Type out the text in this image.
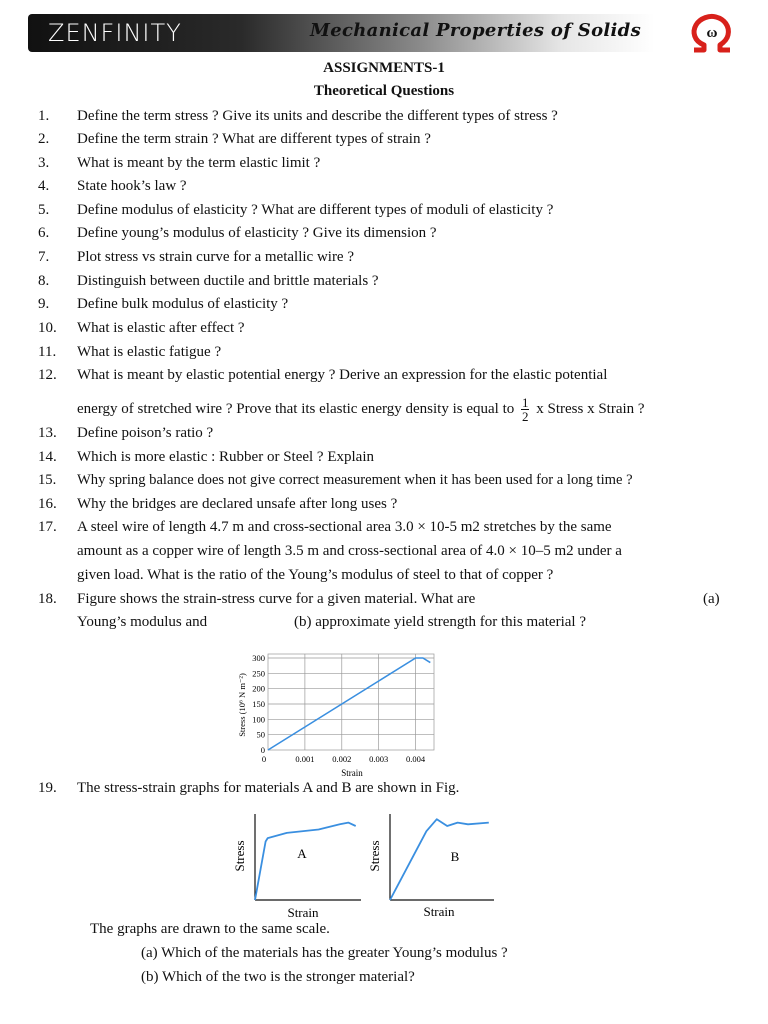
ZENFINITY	Mechanical Properties of Solids	ω
ASSIGNMENTS-1
Theoretical Questions
1. Define the term stress ? Give its units and describe the different types of stress ?
2. Define the term strain ? What are different types of strain ?
3. What is meant by the term elastic limit ?
4. State hook’s law ?
5. Define modulus of elasticity ? What are different types of moduli of elasticity ?
6. Define young’s modulus of elasticity ? Give its dimension ?
7. Plot stress vs strain curve for a metallic wire ?
8. Distinguish between ductile and brittle materials ?
9. Define bulk modulus of elasticity ?
10. What is elastic after effect ?
11. What is elastic fatigue ?
12. What is meant by elastic potential energy ? Derive an expression for the elastic potential
energy of stretched wire ? Prove that its elastic energy density is equal to $\frac{1}{2}$ x Stress x Strain ?
13. Define poison’s ratio ?
14. Which is more elastic : Rubber or Steel ? Explain
15. Why spring balance does not give correct measurement when it has been used for a long time ?
16. Why the bridges are declared unsafe after long uses ?
17. A steel wire of length 4.7 m and cross-sectional area 3.0 × 10-5 m2 stretches by the same
amount as a copper wire of length 3.5 m and cross-sectional area of 4.0 × 10–5 m2 under a
given load. What is the ratio of the Young’s modulus of steel to that of copper ?
18. Figure shows the strain-stress curve for a given material. What are	(a)
Young’s modulus and	(b) approximate yield strength for this material ?
0	0.001 0.002 0.003 0.004
0
50
100
150
200
250
300
Stress (10⁶ N m⁻²)
Strain
19. The stress-strain graphs for materials A and B are shown in Fig.
Stress
Strain
A	Stress
Strain
B
The graphs are drawn to the same scale.
(a) Which of the materials has the greater Young’s modulus ?
(b) Which of the two is the stronger material?
